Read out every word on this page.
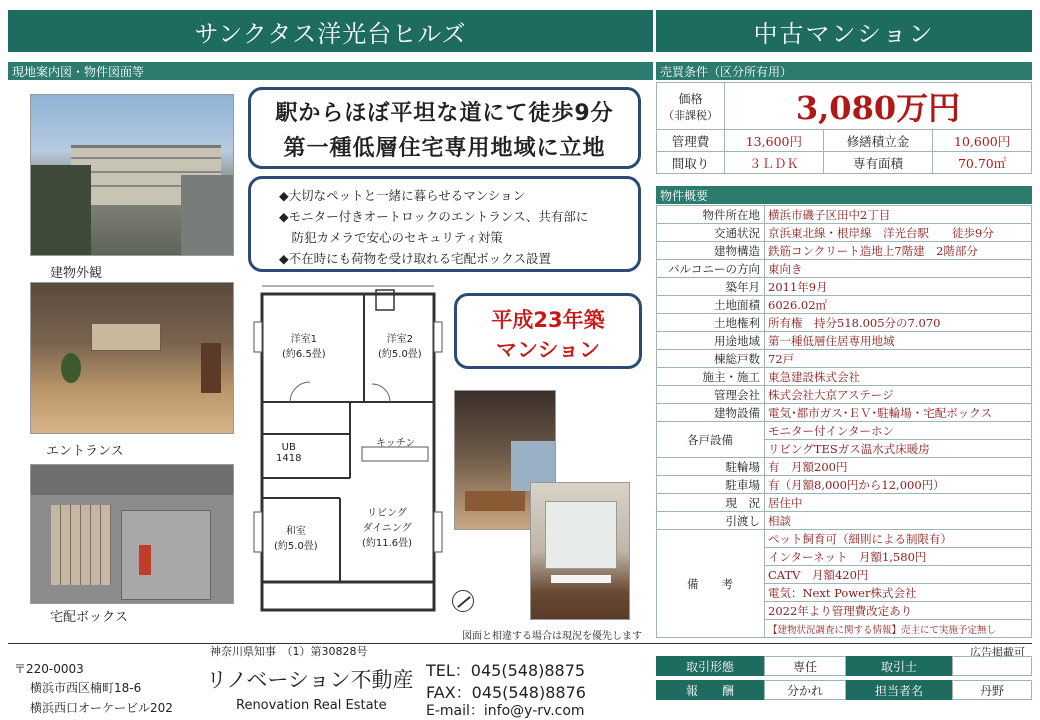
サンクタス洋光台ヒルズ	中古マンション
現地案内図・物件図面等	売買条件（区分所有用）
建物外観
エントランス
宅配ボックス
駅からほぼ平坦な道にて徒歩9分
第一種低層住宅専用地域に立地
◆大切なペットと一緒に暮らせるマンション
◆モニター付きオートロックのエントランス、共有部に
　防犯カメラで安心のセキュリティ対策
◆不在時にも荷物を受け取れる宅配ボックス設置
平成23年築
マンション
洋室1
(約6.5畳)
洋室2
(約5.0畳)
キッチン
UB
1418
和室
(約5.0畳)
リビング
ダイニング
(約11.6畳)
図面と相違する場合は現況を優先します
価格
（非課税）	3,080万円		
管理費	13,600円	修繕積立金	10,600円
間取り	３ＬＤＫ	専有面積	70.70㎡
物件概要
物件所在地	横浜市磯子区田中2丁目
交通状況	京浜東北線・根岸線　洋光台駅　　徒歩9分
建物構造	鉄筋コンクリート造地上7階建　2階部分
バルコニーの方向	東向き
築年月	2011年9月
土地面積	6026.02㎡
土地権利	所有権　持分518.005分の7.070
用途地域	第一種低層住居専用地域
棟総戸数	72戸
施主・施工	東急建設株式会社
管理会社	株式会社大京アステージ
建物設備	電気･都市ガス･ＥＶ･駐輪場・宅配ボックス
各戸設備	モニター付インターホン
	リビングTESガス温水式床暖房
駐輪場	有　月額200円
駐車場	有（月額8,000円から12,000円）
現　況	居住中
引渡し	相談
備　　考	ペット飼育可（細則による制限有）
	インターネット　月額1,580円
	CATV　月額420円
	電気：Next Power株式会社
	2022年より管理費改定あり
	【建物状況調査に関する情報】売主にて実施予定無し
神奈川県知事　（1）第30828号	広告掲載可
〒220-0003
横浜市西区楠町18-6
横浜西口オーケービル202
リノベーション不動産
Renovation Real Estate
TEL：045(548)8875
FAX：045(548)8876
E-mail：info@y-rv.com
取引形態	専任	取引士
報　　酬	分かれ	担当者名	丹野
